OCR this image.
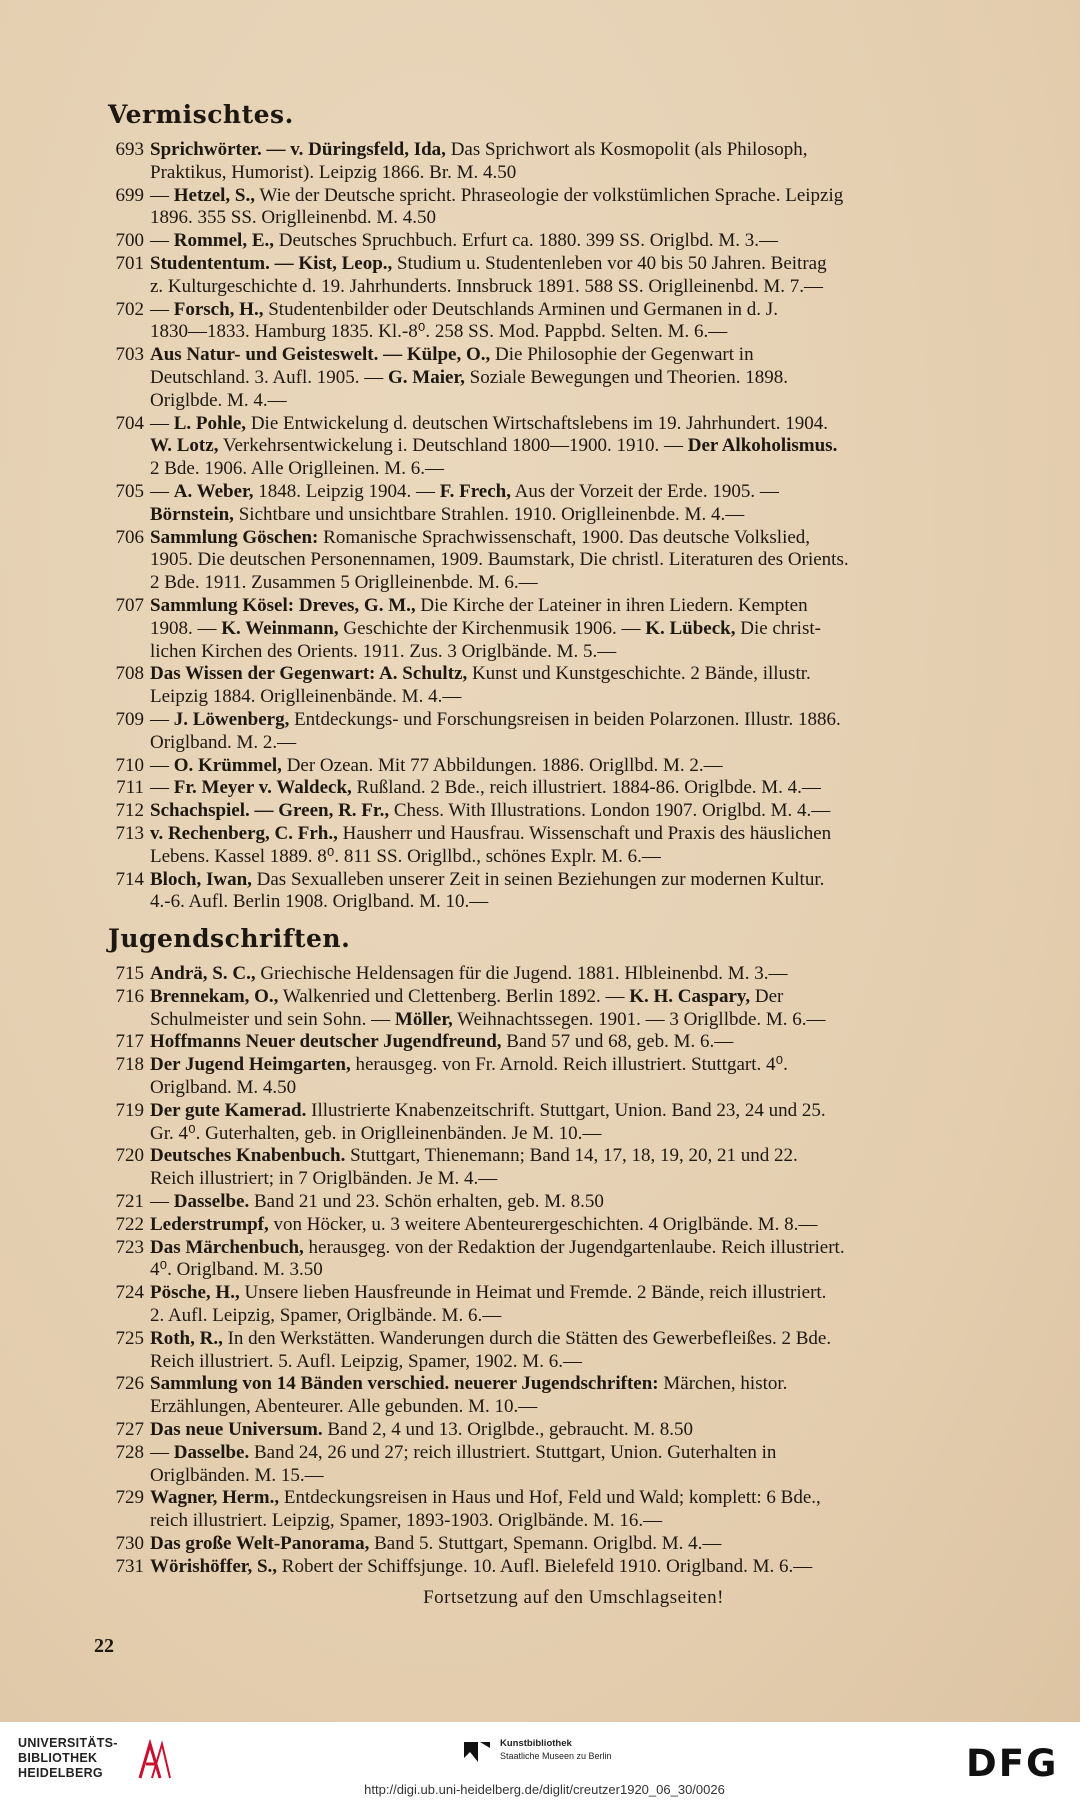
Vermischtes.
693 Sprichwörter. — v. Düringsfeld, Ida, Das Sprichwort als Kosmopolit (als Philosoph,
Praktikus, Humorist). Leipzig 1866. Br. M. 4.50
699 — Hetzel, S., Wie der Deutsche spricht. Phraseologie der volkstümlichen Sprache. Leipzig
1896. 355 SS. Origlleinenbd. M. 4.50
700 — Rommel, E., Deutsches Spruchbuch. Erfurt ca. 1880. 399 SS. Origlbd. M. 3.—
701 Studententum. — Kist, Leop., Studium u. Studentenleben vor 40 bis 50 Jahren. Beitrag
z. Kulturgeschichte d. 19. Jahrhunderts. Innsbruck 1891. 588 SS. Origlleinenbd. M. 7.—
702 — Forsch, H., Studentenbilder oder Deutschlands Arminen und Germanen in d. J.
1830—1833. Hamburg 1835. Kl.-8⁰. 258 SS. Mod. Pappbd. Selten. M. 6.—
703 Aus Natur- und Geisteswelt. — Külpe, O., Die Philosophie der Gegenwart in
Deutschland. 3. Aufl. 1905. — G. Maier, Soziale Bewegungen und Theorien. 1898.
Origlbde. M. 4.—
704 — L. Pohle, Die Entwickelung d. deutschen Wirtschaftslebens im 19. Jahrhundert. 1904.
W. Lotz, Verkehrsentwickelung i. Deutschland 1800—1900. 1910. — Der Alkoholismus.
2 Bde. 1906. Alle Origlleinen. M. 6.—
705 — A. Weber, 1848. Leipzig 1904. — F. Frech, Aus der Vorzeit der Erde. 1905. —
Börnstein, Sichtbare und unsichtbare Strahlen. 1910. Origlleinenbde. M. 4.—
706 Sammlung Göschen: Romanische Sprachwissenschaft, 1900. Das deutsche Volkslied,
1905. Die deutschen Personennamen, 1909. Baumstark, Die christl. Literaturen des Orients.
2 Bde. 1911. Zusammen 5 Origlleinenbde. M. 6.—
707 Sammlung Kösel: Dreves, G. M., Die Kirche der Lateiner in ihren Liedern. Kempten
1908. — K. Weinmann, Geschichte der Kirchenmusik 1906. — K. Lübeck, Die christ-
lichen Kirchen des Orients. 1911. Zus. 3 Origlbände. M. 5.—
708 Das Wissen der Gegenwart: A. Schultz, Kunst und Kunstgeschichte. 2 Bände, illustr.
Leipzig 1884. Origlleinenbände. M. 4.—
709 — J. Löwenberg, Entdeckungs- und Forschungsreisen in beiden Polarzonen. Illustr. 1886.
Origlband. M. 2.—
710 — O. Krümmel, Der Ozean. Mit 77 Abbildungen. 1886. Origllbd. M. 2.—
711 — Fr. Meyer v. Waldeck, Rußland. 2 Bde., reich illustriert. 1884-86. Origlbde. M. 4.—
712 Schachspiel. — Green, R. Fr., Chess. With Illustrations. London 1907. Origlbd. M. 4.—
713 v. Rechenberg, C. Frh., Hausherr und Hausfrau. Wissenschaft und Praxis des häuslichen
Lebens. Kassel 1889. 8⁰. 811 SS. Origllbd., schönes Explr. M. 6.—
714 Bloch, Iwan, Das Sexualleben unserer Zeit in seinen Beziehungen zur modernen Kultur.
4.-6. Aufl. Berlin 1908. Origlband. M. 10.—
Jugendschriften.
715 Andrä, S. C., Griechische Heldensagen für die Jugend. 1881. Hlbleinenbd. M. 3.—
716 Brennekam, O., Walkenried und Clettenberg. Berlin 1892. — K. H. Caspary, Der
Schulmeister und sein Sohn. — Möller, Weihnachtssegen. 1901. — 3 Origllbde. M. 6.—
717 Hoffmanns Neuer deutscher Jugendfreund, Band 57 und 68, geb. M. 6.—
718 Der Jugend Heimgarten, herausgeg. von Fr. Arnold. Reich illustriert. Stuttgart. 4⁰.
Origlband. M. 4.50
719 Der gute Kamerad. Illustrierte Knabenzeitschrift. Stuttgart, Union. Band 23, 24 und 25.
Gr. 4⁰. Guterhalten, geb. in Origlleinenbänden. Je M. 10.—
720 Deutsches Knabenbuch. Stuttgart, Thienemann; Band 14, 17, 18, 19, 20, 21 und 22.
Reich illustriert; in 7 Origlbänden. Je M. 4.—
721 — Dasselbe. Band 21 und 23. Schön erhalten, geb. M. 8.50
722 Lederstrumpf, von Höcker, u. 3 weitere Abenteurergeschichten. 4 Origlbände. M. 8.—
723 Das Märchenbuch, herausgeg. von der Redaktion der Jugendgartenlaube. Reich illustriert.
4⁰. Origlband. M. 3.50
724 Pösche, H., Unsere lieben Hausfreunde in Heimat und Fremde. 2 Bände, reich illustriert.
2. Aufl. Leipzig, Spamer, Origlbände. M. 6.—
725 Roth, R., In den Werkstätten. Wanderungen durch die Stätten des Gewerbefleißes. 2 Bde.
Reich illustriert. 5. Aufl. Leipzig, Spamer, 1902. M. 6.—
726 Sammlung von 14 Bänden verschied. neuerer Jugendschriften: Märchen, histor.
Erzählungen, Abenteurer. Alle gebunden. M. 10.—
727 Das neue Universum. Band 2, 4 und 13. Origlbde., gebraucht. M. 8.50
728 — Dasselbe. Band 24, 26 und 27; reich illustriert. Stuttgart, Union. Guterhalten in
Origlbänden. M. 15.—
729 Wagner, Herm., Entdeckungsreisen in Haus und Hof, Feld und Wald; komplett: 6 Bde.,
reich illustriert. Leipzig, Spamer, 1893-1903. Origlbände. M. 16.—
730 Das große Welt-Panorama, Band 5. Stuttgart, Spemann. Origlbd. M. 4.—
731 Wörishöffer, S., Robert der Schiffsjunge. 10. Aufl. Bielefeld 1910. Origlband. M. 6.—
Fortsetzung auf den Umschlagseiten!
22
UNIVERSITÄTS-
BIBLIOTHEK
HEIDELBERG
Kunstbibliothek
Staatliche Museen zu Berlin	DFG
http://digi.ub.uni-heidelberg.de/diglit/creutzer1920_06_30/0026
